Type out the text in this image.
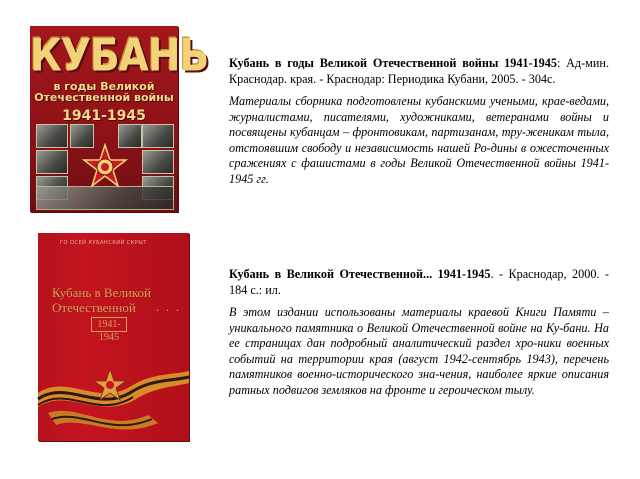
КУБАНЬ
в годы Великой
Отечественной войны
1941-1945

Кубань в годы Великой Отечественной войны 1941-1945: Ад-мин. Краснодар. края. - Краснодар: Периодика Кубани, 2005. - 304с.

Материалы сборника подготовлены кубанскими учеными, крае-ведами, журналистами, писателями, художниками, ветеранами войны и посвящены кубанцам – фронтовикам, партизанам, тру-женикам тыла, отстоявшим свободу и независимость нашей Ро-дины в ожесточенных сражениях с фашистами в годы Великой Отечественной войны 1941-1945 гг.

ГО ОСЕЙ КУБАНСКИЙ СКРЫТ
Кубань в Великой
Отечественной	. . .
1941-1945

Кубань в Великой Отечественной... 1941-1945. - Краснодар, 2000. - 184 с.: ил.

В этом издании использованы материалы краевой Книги Памяти – уникального памятника о Великой Отечественной войне на Ку-бани. На ее страницах дан подробный аналитический раздел хро-ники военных событий на территории края (август 1942-сентябрь 1943), перечень памятников военно-исторического зна-чения, наиболее яркие описания ратных подвигов земляков на фронте и героическом тылу.
